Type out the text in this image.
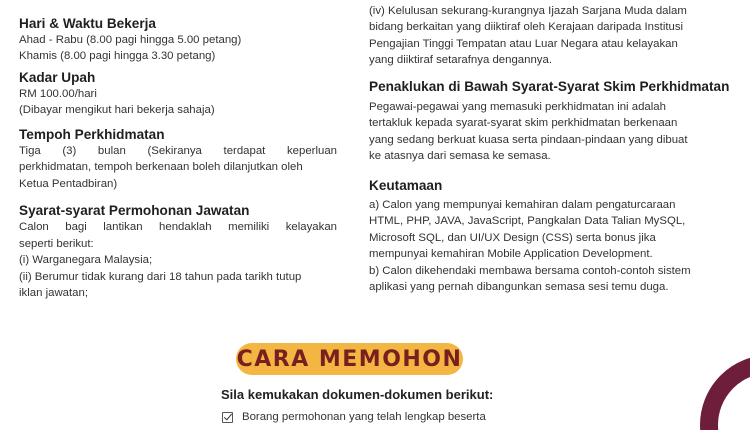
Hari & Waktu Bekerja
Ahad - Rabu (8.00 pagi hingga 5.00 petang)
Khamis (8.00 pagi hingga 3.30 petang)
Kadar Upah
RM 100.00/hari
(Dibayar mengikut hari bekerja sahaja)
Tempoh Perkhidmatan
Tiga (3) bulan (Sekiranya terdapat keperluan
perkhidmatan, tempoh berkenaan boleh dilanjutkan oleh
Ketua Pentadbiran)
Syarat-syarat Permohonan Jawatan
Calon bagi lantikan hendaklah memiliki kelayakan
seperti berikut:
(i) Warganegara Malaysia;
(ii) Berumur tidak kurang dari 18 tahun pada tarikh tutup
iklan jawatan;
(iv) Kelulusan sekurang-kurangnya Ijazah Sarjana Muda dalam
bidang berkaitan yang diiktiraf oleh Kerajaan daripada Institusi
Pengajian Tinggi Tempatan atau Luar Negara atau kelayakan
yang diiktiraf setarafnya dengannya.
Penaklukan di Bawah Syarat-Syarat Skim Perkhidmatan
Pegawai-pegawai yang memasuki perkhidmatan ini adalah
tertakluk kepada syarat-syarat skim perkhidmatan berkenaan
yang sedang berkuat kuasa serta pindaan-pindaan yang dibuat
ke atasnya dari semasa ke semasa.
Keutamaan
a) Calon yang mempunyai kemahiran dalam pengaturcaraan
HTML, PHP, JAVA, JavaScript, Pangkalan Data Talian MySQL,
Microsoft SQL, dan UI/UX Design (CSS) serta bonus jika
mempunyai kemahiran Mobile Application Development.
b) Calon dikehendaki membawa bersama contoh-contoh sistem
aplikasi yang pernah dibangunkan semasa sesi temu duga.
CARA MEMOHON
Sila kemukakan dokumen-dokumen berikut:
Borang permohonan yang telah lengkap beserta
